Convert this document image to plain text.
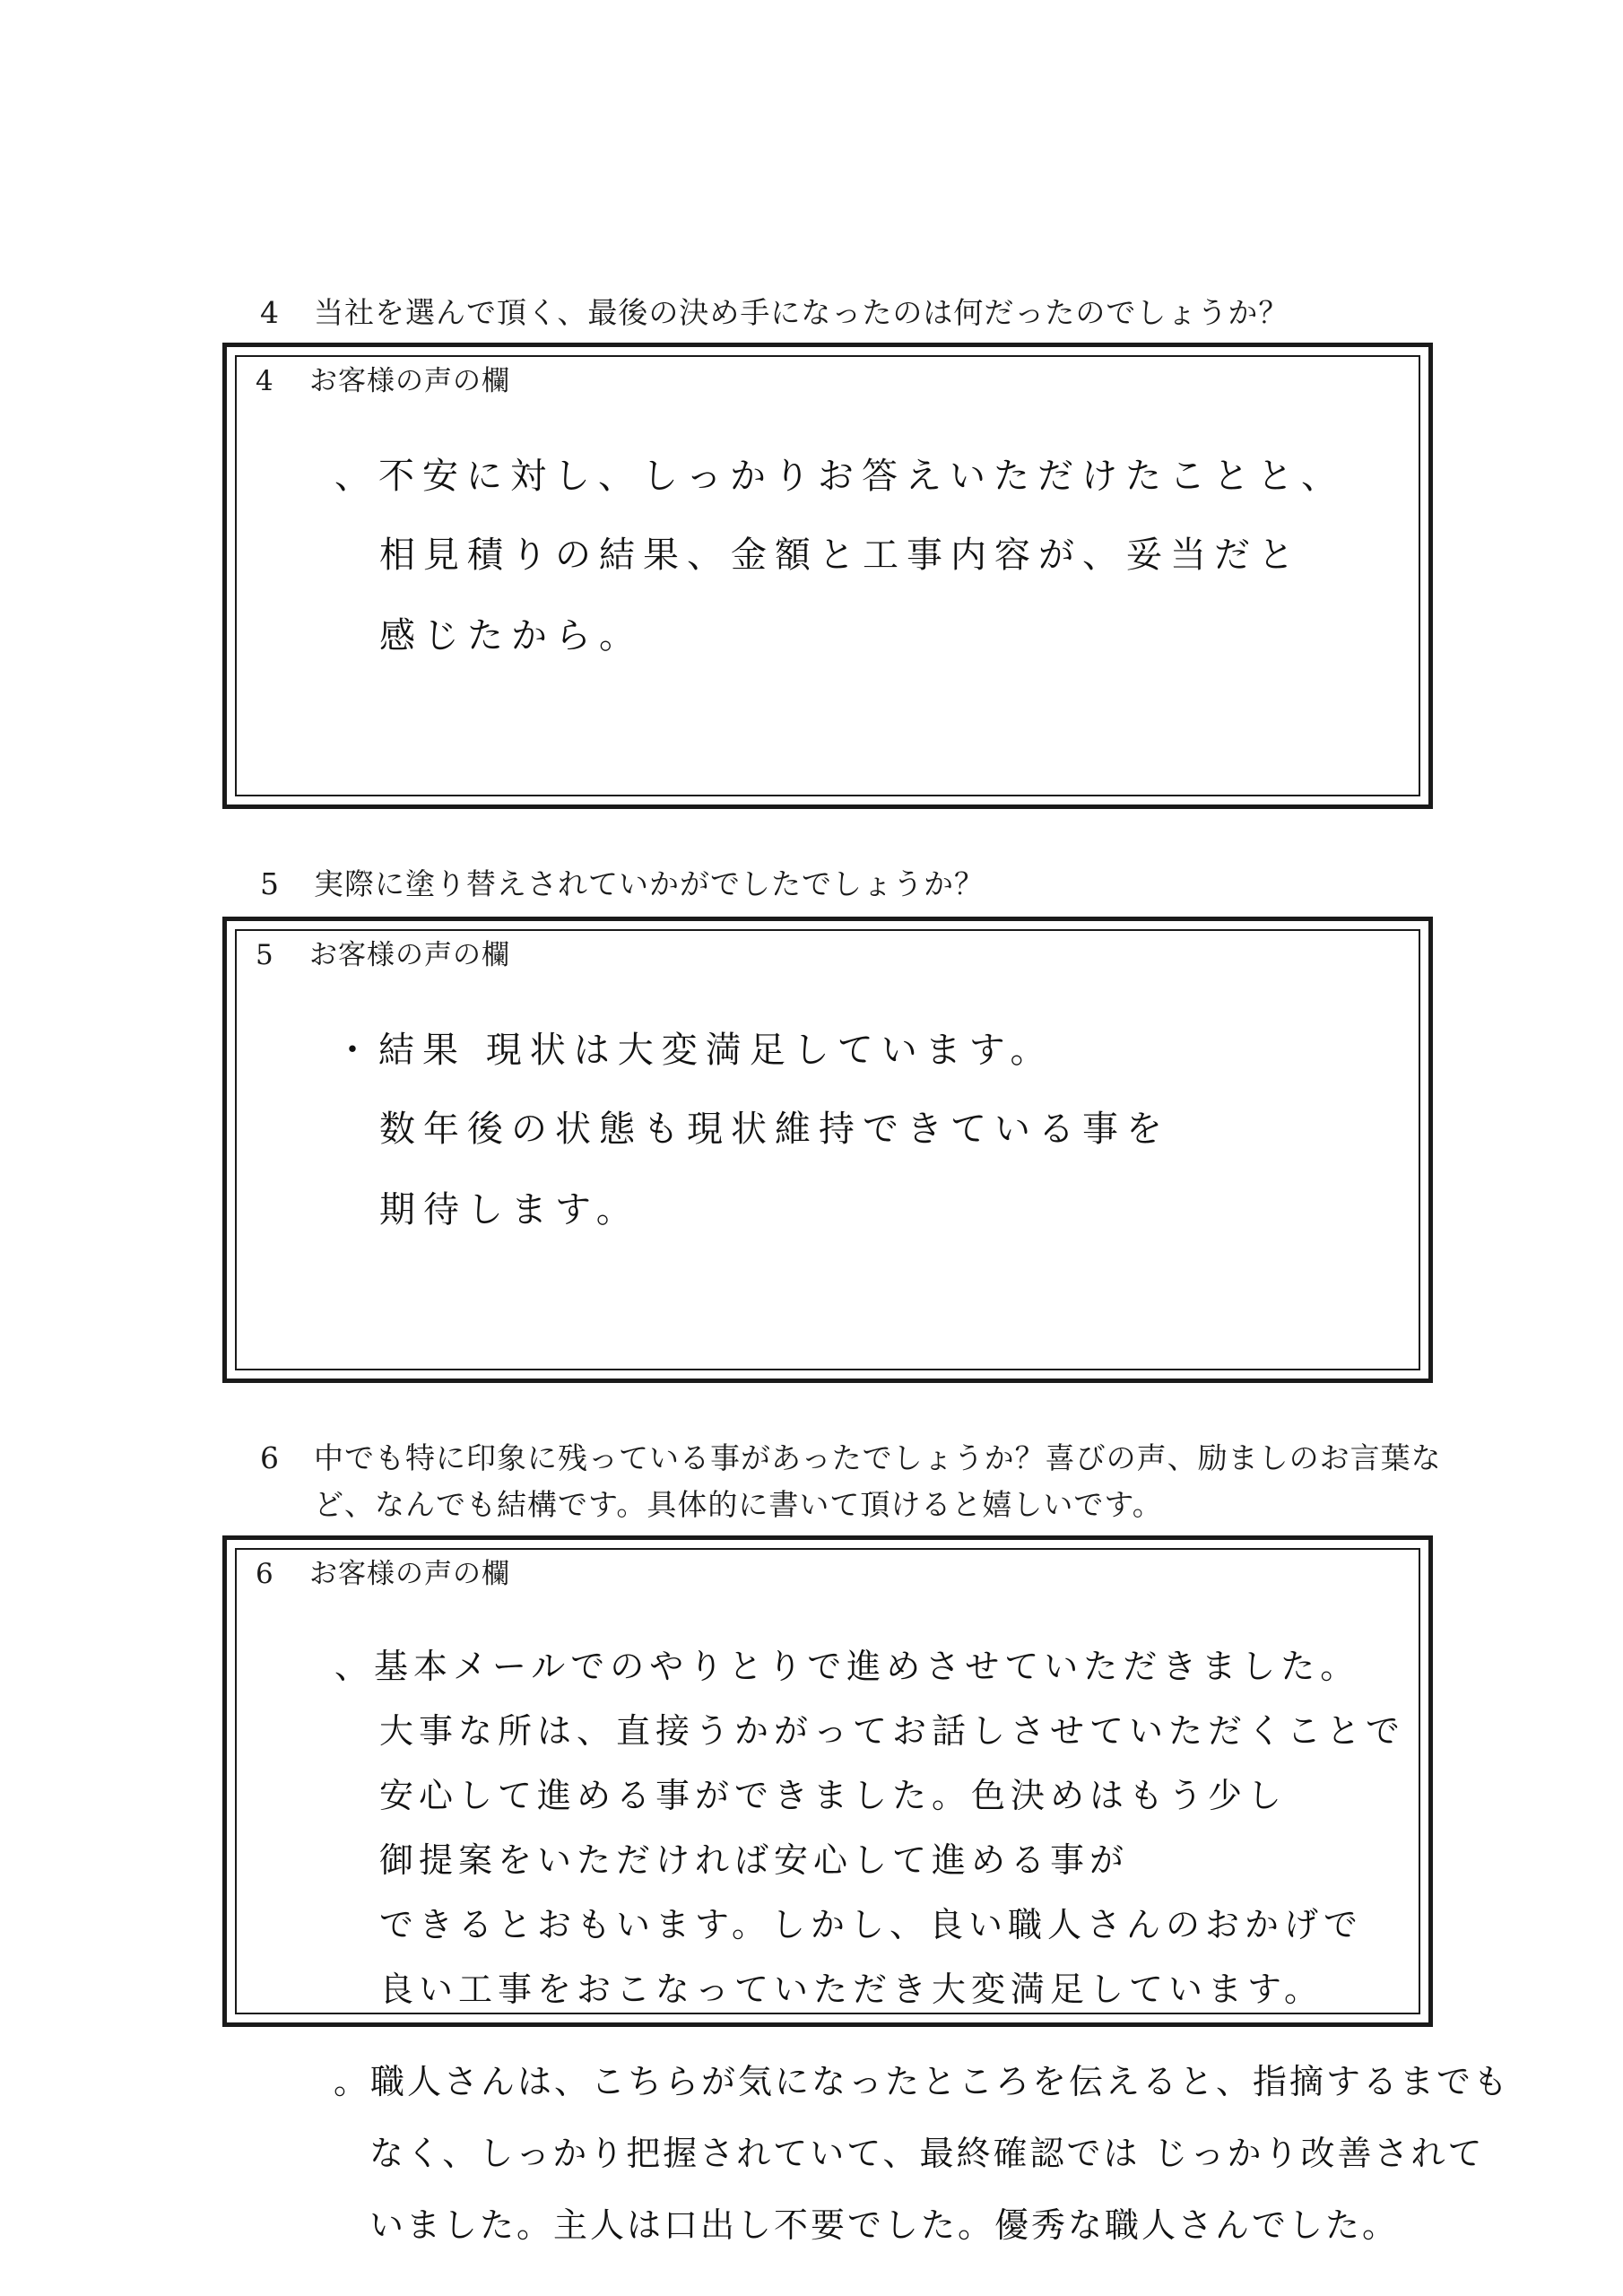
4 当社を選んで頂く、最後の決め手になったのは何だったのでしょうか？
4 お客様の声の欄
、不安に対し、しっかりお答えいただけたことと、
相見積りの結果、金額と工事内容が、妥当だと
感じたから。
5 実際に塗り替えされていかがでしたでしょうか？
5 お客様の声の欄
・結果 現状は大変満足しています。
数年後の状態も現状維持できている事を
期待します。
6 中でも特に印象に残っている事があったでしょうか？喜びの声、励ましのお言葉な
ど、なんでも結構です。具体的に書いて頂けると嬉しいです。
6 お客様の声の欄
、基本メールでのやりとりで進めさせていただきました。
大事な所は、直接うかがってお話しさせていただくことで
安心して進める事ができました。色決めはもう少し
御提案をいただければ安心して進める事が
できるとおもいます。しかし、良い職人さんのおかげで
良い工事をおこなっていただき大変満足しています。
。職人さんは、こちらが気になったところを伝えると、指摘するまでも
なく、しっかり把握されていて、最終確認では じっかり改善されて
いました。主人は口出し不要でした。優秀な職人さんでした。
